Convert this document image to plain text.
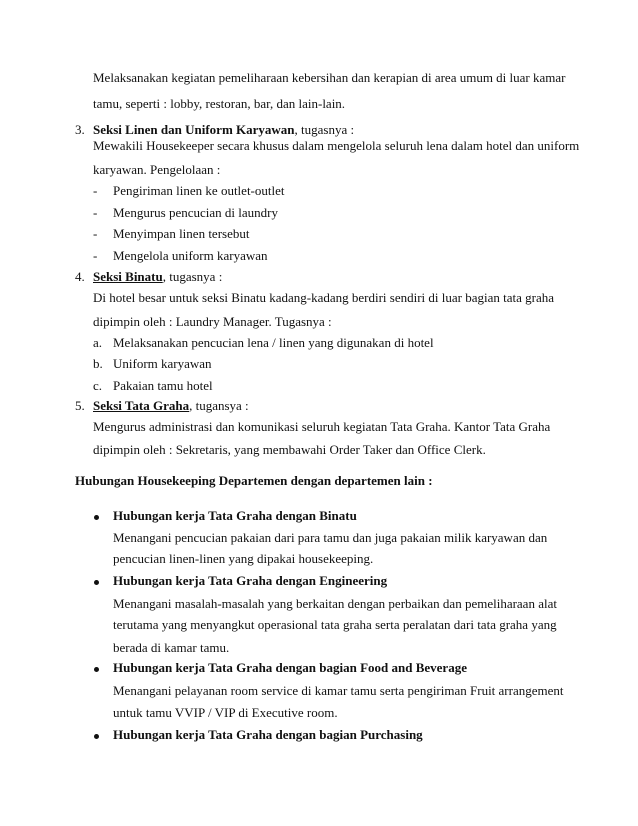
Melaksanakan kegiatan pemeliharaan kebersihan dan kerapian di area umum di luar kamar
tamu, seperti : lobby, restoran, bar, dan lain-lain.
3. Seksi Linen dan Uniform Karyawan, tugasnya :
Mewakili Housekeeper secara khusus dalam mengelola seluruh lena dalam hotel dan uniform
karyawan. Pengelolaan :
- Pengiriman linen ke outlet-outlet
- Mengurus pencucian di laundry
- Menyimpan linen tersebut
- Mengelola uniform karyawan
4. Seksi Binatu, tugasnya :
Di hotel besar untuk seksi Binatu kadang-kadang berdiri sendiri di luar bagian tata graha
dipimpin oleh : Laundry Manager. Tugasnya :
a. Melaksanakan pencucian lena / linen yang digunakan di hotel
b. Uniform karyawan
c. Pakaian tamu hotel
5. Seksi Tata Graha, tugansya :
Mengurus administrasi dan komunikasi seluruh kegiatan Tata Graha. Kantor Tata Graha
dipimpin oleh : Sekretaris, yang membawahi Order Taker dan Office Clerk.
Hubungan Housekeeping Departemen dengan departemen lain :
Hubungan kerja Tata Graha dengan Binatu
Menangani pencucian pakaian dari para tamu dan juga pakaian milik karyawan dan
pencucian linen-linen yang dipakai housekeeping.
Hubungan kerja Tata Graha dengan Engineering
Menangani masalah-masalah yang berkaitan dengan perbaikan dan pemeliharaan alat
terutama yang menyangkut operasional tata graha serta peralatan dari tata graha yang
berada di kamar tamu.
Hubungan kerja Tata Graha dengan bagian Food and Beverage
Menangani pelayanan room service di kamar tamu serta pengiriman Fruit arrangement
untuk tamu VVIP / VIP di Executive room.
Hubungan kerja Tata Graha dengan bagian Purchasing
